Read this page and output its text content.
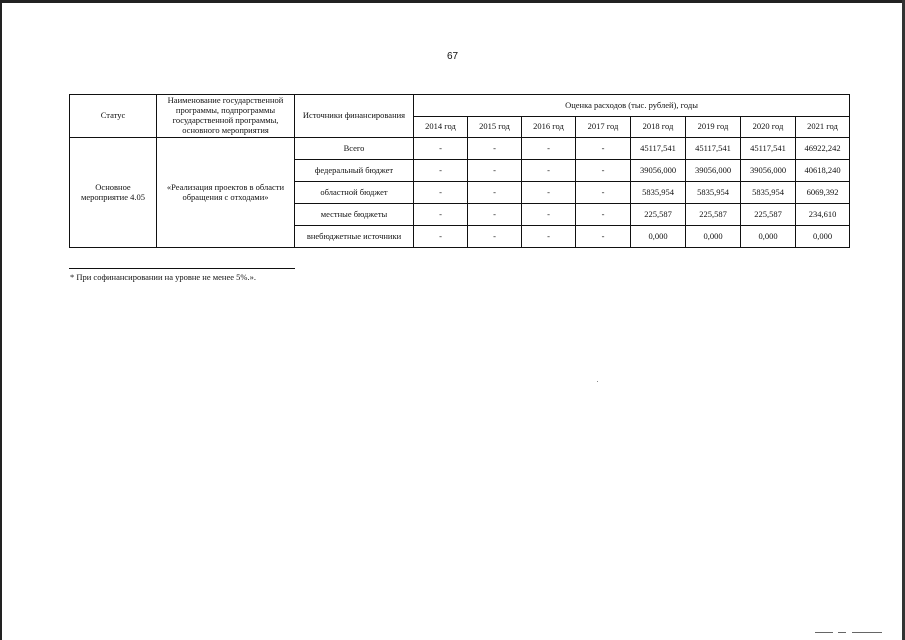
67
Статус	Наименование государственной программы, подпрограммы государственной программы, основного мероприятия	Источники финансирования	Оценка расходов (тыс. рублей), годы							
			2014 год	2015 год	2016 год	2017 год	2018 год	2019 год	2020 год	2021 год
Основное мероприятие 4.05	«Реализация проектов в области обращения с отходами»	Всего	-	-	-	-	45117,541	45117,541	45117,541	46922,242
		федеральный бюджет	-	-	-	-	39056,000	39056,000	39056,000	40618,240
		областной бюджет	-	-	-	-	5835,954	5835,954	5835,954	6069,392
		местные бюджеты	-	-	-	-	225,587	225,587	225,587	234,610
		внебюджетные источники	-	-	-	-	0,000	0,000	0,000	0,000
* При софинансировании на уровне не менее 5%.».
